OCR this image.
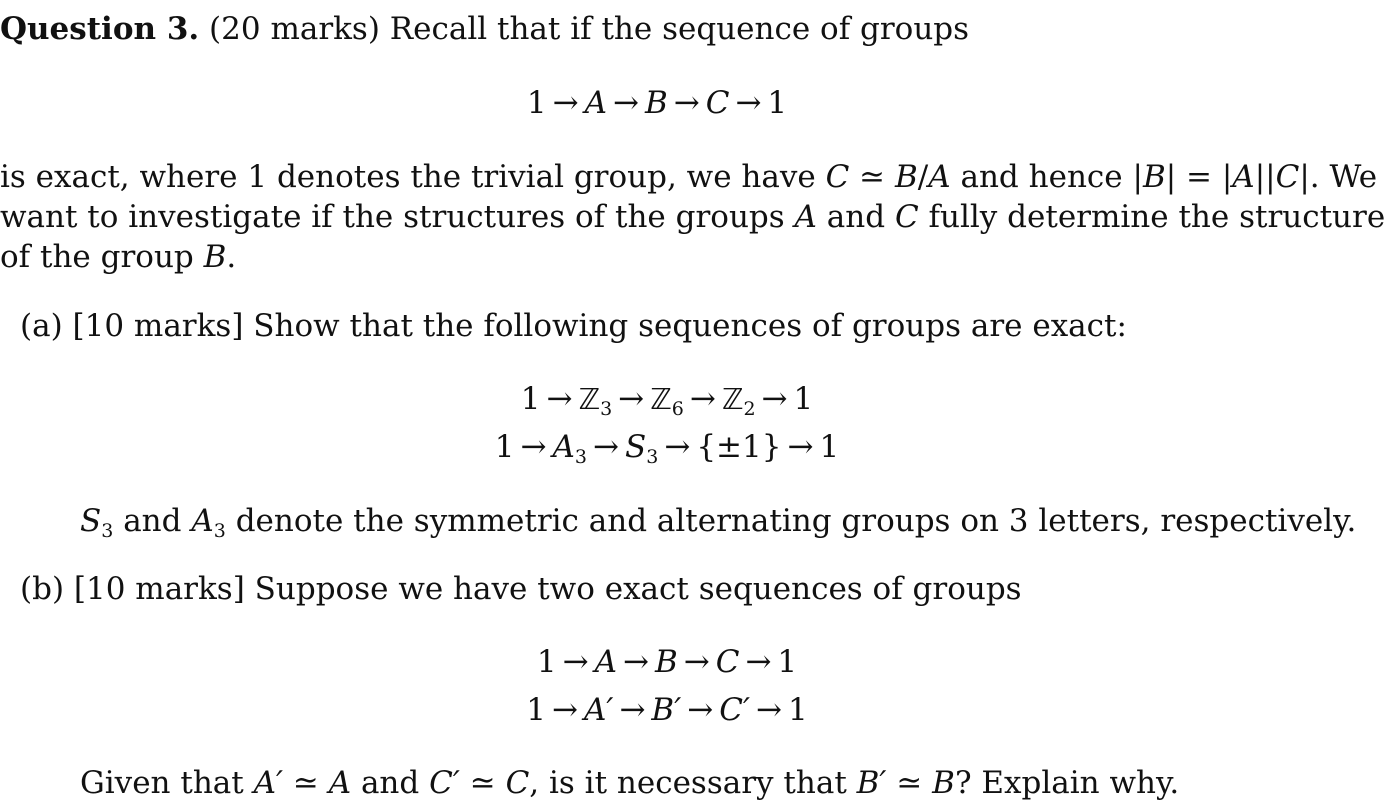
Question 3. (20 marks) Recall that if the sequence of groups
1 → A → B → C → 1
is exact, where 1 denotes the trivial group, we have C ≃ B/A and hence |B| = |A||C|. We
want to investigate if the structures of the groups A and C fully determine the structure
of the group B.
(a) [10 marks] Show that the following sequences of groups are exact:
1 → ℤ$_3$ → ℤ$_6$ → ℤ$_2$ → 1
$1 \to A_3 \to S_3 \to \{\pm 1\} \to 1$
$S_3$ and $A_3$ denote the symmetric and alternating groups on 3 letters, respectively.
(b) [10 marks] Suppose we have two exact sequences of groups
1 → A → B → C → 1
1 → A′ → B′ → C′ → 1
Given that A′ ≃ A and C′ ≃ C, is it necessary that B′ ≃ B? Explain why.
